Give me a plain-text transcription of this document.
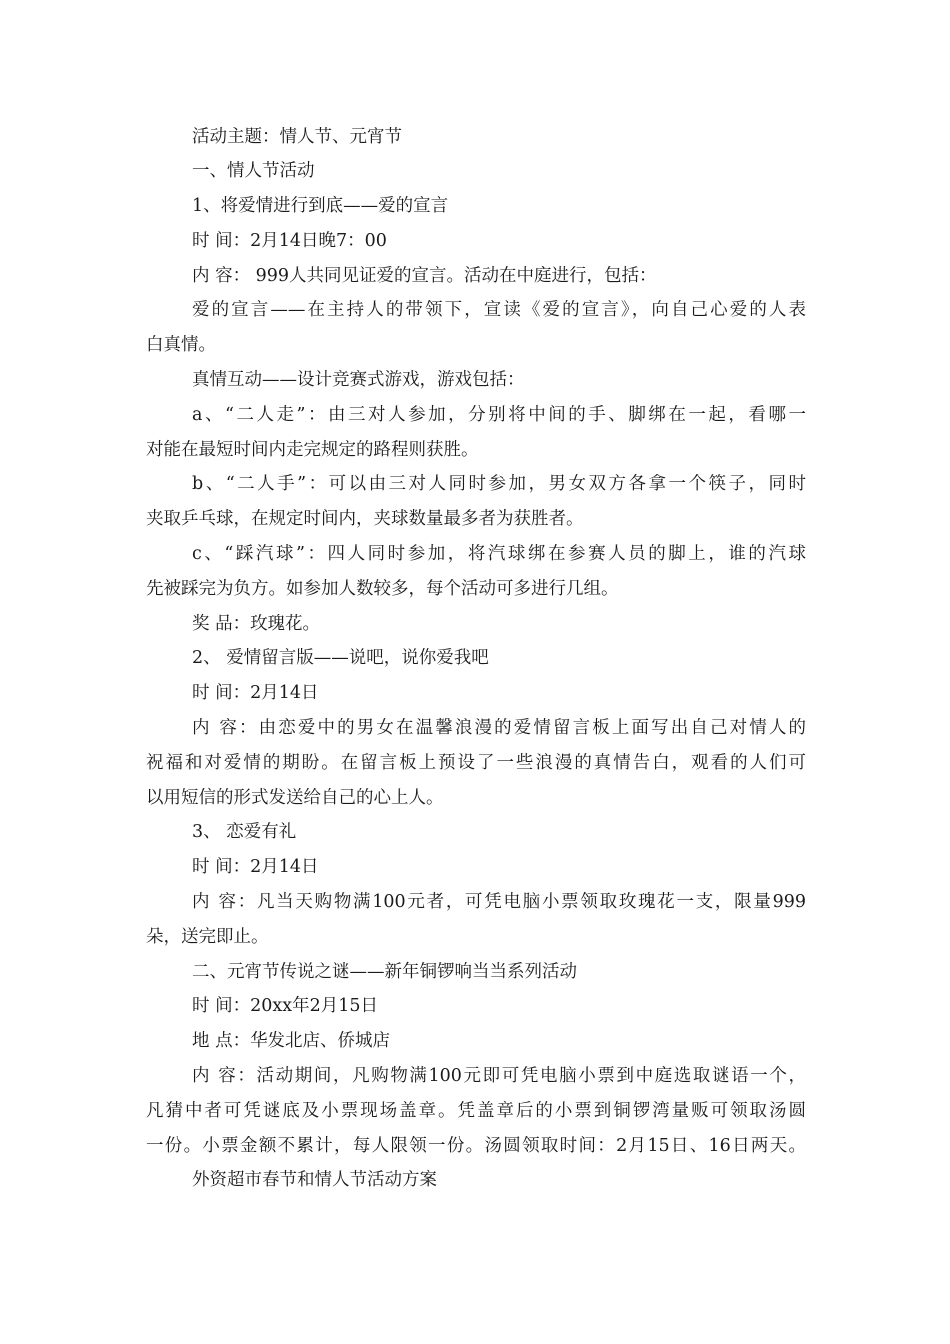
活动主题：情人节、元宵节
一、情人节活动
1、将爱情进行到底——爱的宣言
时 间：2月14日晚7：00
内 容： 999人共同见证爱的宣言。活动在中庭进行，包括：
爱的宣言——在主持人的带领下，宣读《爱的宣言》，向自己心爱的人表
白真情。
真情互动——设计竞赛式游戏，游戏包括：
a、“二人走”：由三对人参加，分别将中间的手、脚绑在一起，看哪一
对能在最短时间内走完规定的路程则获胜。
b、“二人手”：可以由三对人同时参加，男女双方各拿一个筷子，同时
夹取乒乓球，在规定时间内，夹球数量最多者为获胜者。
c、“踩汽球”：四人同时参加，将汽球绑在参赛人员的脚上，谁的汽球
先被踩完为负方。如参加人数较多，每个活动可多进行几组。
奖 品：玫瑰花。
2、 爱情留言版——说吧，说你爱我吧
时 间：2月14日
内 容：由恋爱中的男女在温馨浪漫的爱情留言板上面写出自己对情人的
祝福和对爱情的期盼。在留言板上预设了一些浪漫的真情告白，观看的人们可
以用短信的形式发送给自己的心上人。
3、 恋爱有礼
时 间：2月14日
内 容：凡当天购物满100元者，可凭电脑小票领取玫瑰花一支，限量999
朵，送完即止。
二、元宵节传说之谜——新年铜锣响当当系列活动
时 间：20xx年2月15日
地 点：华发北店、侨城店
内 容：活动期间，凡购物满100元即可凭电脑小票到中庭选取谜语一个，
凡猜中者可凭谜底及小票现场盖章。凭盖章后的小票到铜锣湾量贩可领取汤圆
一份。小票金额不累计，每人限领一份。汤圆领取时间：2月15日、16日两天。
外资超市春节和情人节活动方案
